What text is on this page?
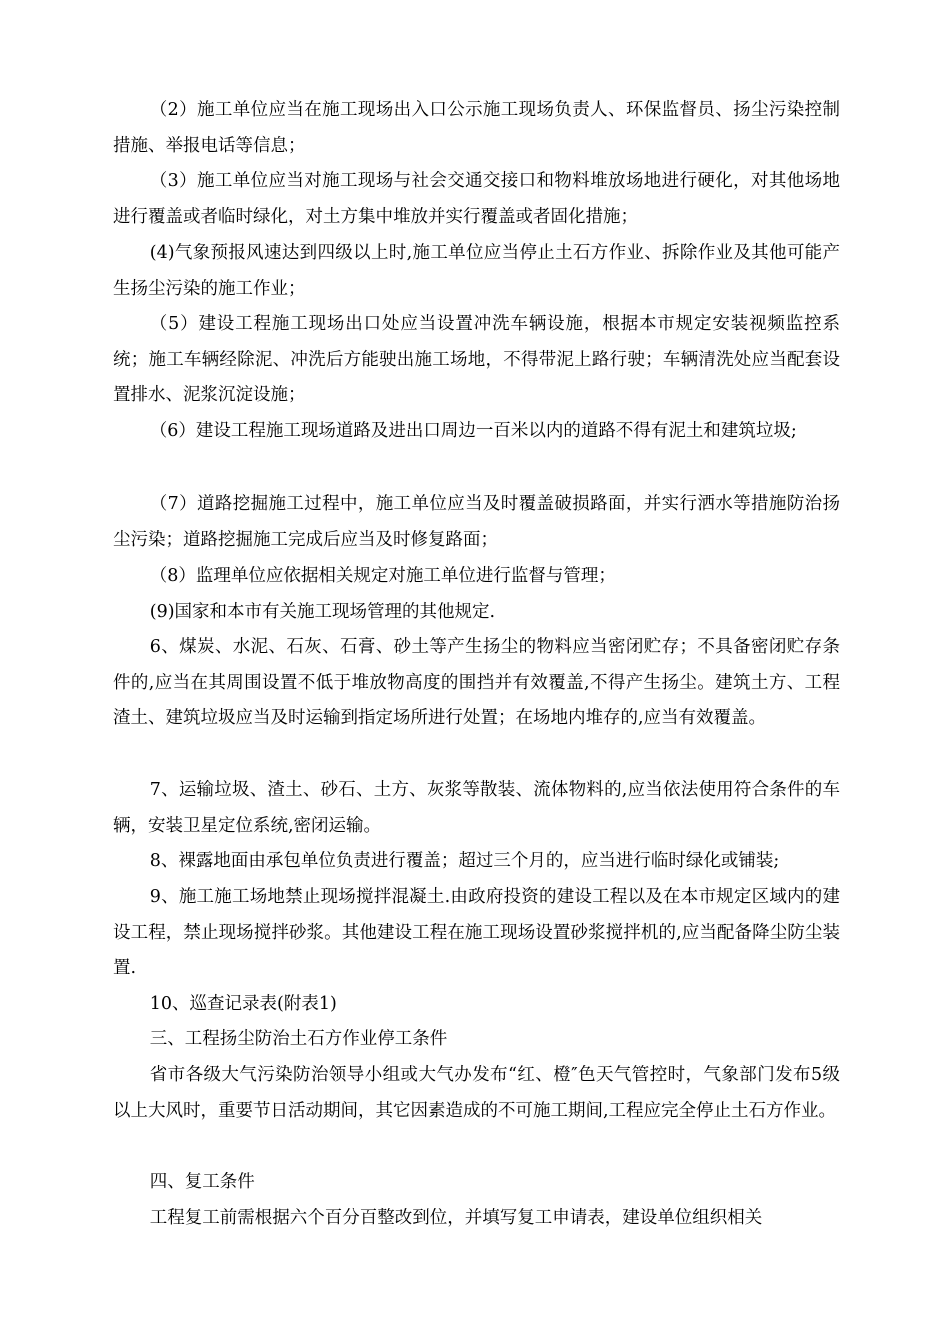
（2）施工单位应当在施工现场出入口公示施工现场负责人、环保监督员、扬尘污染控制措施、举报电话等信息；

（3）施工单位应当对施工现场与社会交通交接口和物料堆放场地进行硬化，对其他场地进行覆盖或者临时绿化，对土方集中堆放并实行覆盖或者固化措施；

(4)气象预报风速达到四级以上时,施工单位应当停止土石方作业、拆除作业及其他可能产生扬尘污染的施工作业；

（5）建设工程施工现场出口处应当设置冲洗车辆设施，根据本市规定安装视频监控系统；施工车辆经除泥、冲洗后方能驶出施工场地，不得带泥上路行驶；车辆清洗处应当配套设置排水、泥浆沉淀设施；

（6）建设工程施工现场道路及进出口周边一百米以内的道路不得有泥土和建筑垃圾;

（7）道路挖掘施工过程中，施工单位应当及时覆盖破损路面，并实行洒水等措施防治扬尘污染；道路挖掘施工完成后应当及时修复路面；

（8）监理单位应依据相关规定对施工单位进行监督与管理；

(9)国家和本市有关施工现场管理的其他规定.

6、煤炭、水泥、石灰、石膏、砂土等产生扬尘的物料应当密闭贮存；不具备密闭贮存条件的,应当在其周围设置不低于堆放物高度的围挡并有效覆盖,不得产生扬尘。建筑土方、工程渣土、建筑垃圾应当及时运输到指定场所进行处置；在场地内堆存的,应当有效覆盖。

7、运输垃圾、渣土、砂石、土方、灰浆等散装、流体物料的,应当依法使用符合条件的车辆，安装卫星定位系统,密闭运输。

8、裸露地面由承包单位负责进行覆盖；超过三个月的，应当进行临时绿化或铺装;

9、施工施工场地禁止现场搅拌混凝土.由政府投资的建设工程以及在本市规定区域内的建设工程，禁止现场搅拌砂浆。其他建设工程在施工现场设置砂浆搅拌机的,应当配备降尘防尘装置.

10、巡查记录表(附表1)

三、工程扬尘防治土石方作业停工条件

省市各级大气污染防治领导小组或大气办发布“红、橙″色天气管控时，气象部门发布5级以上大风时，重要节日活动期间，其它因素造成的不可施工期间,工程应完全停止土石方作业。

四、复工条件

工程复工前需根据六个百分百整改到位，并填写复工申请表，建设单位组织相关
